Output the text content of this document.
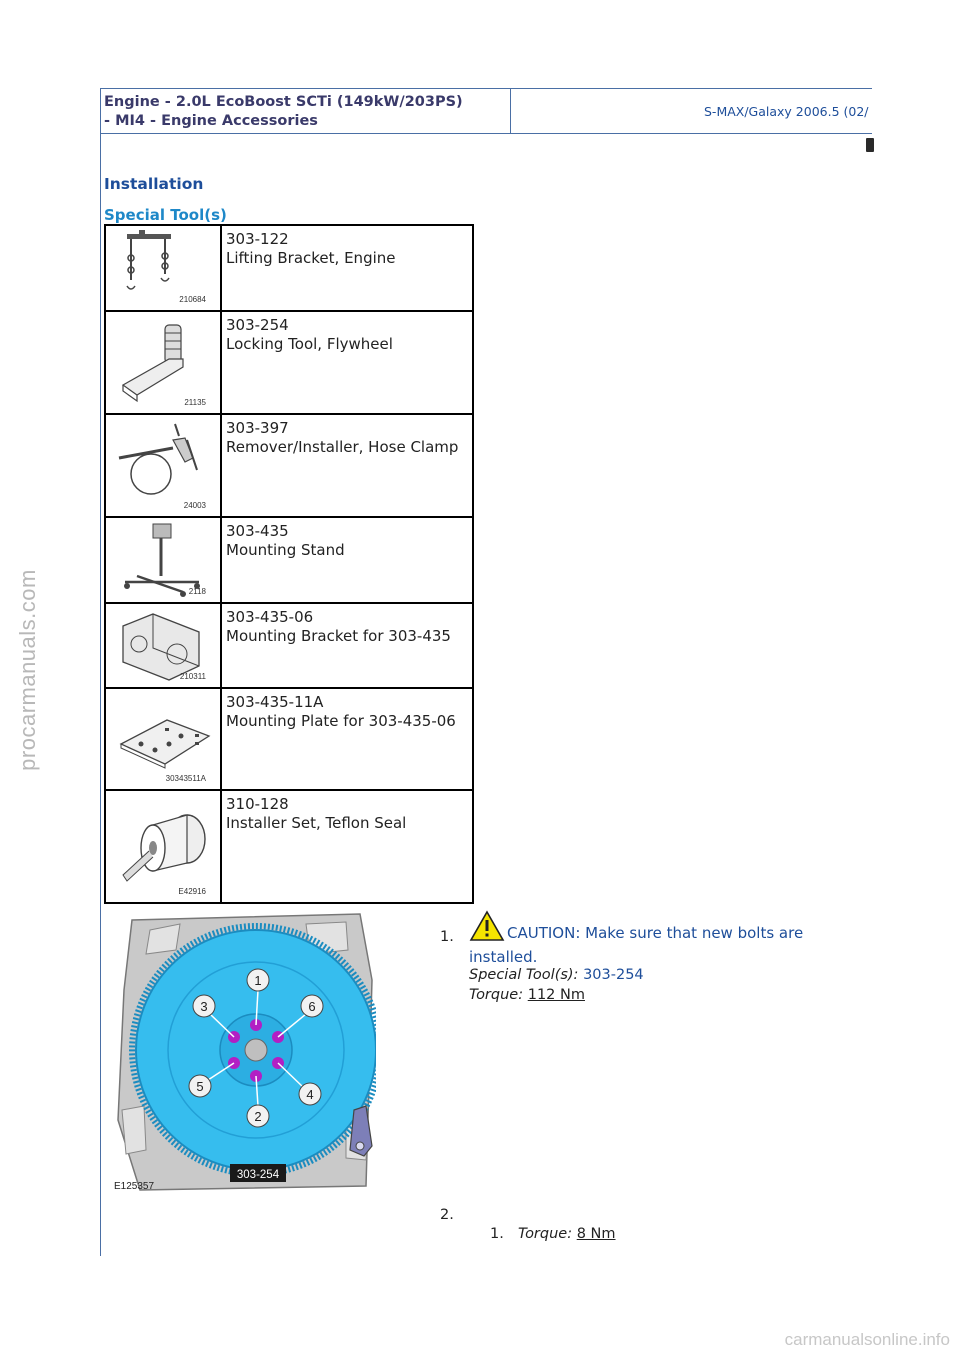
procarmanuals.com
carmanualsonline.info
Engine - 2.0L EcoBoost SCTi (149kW/203PS)
- MI4 - Engine Accessories
S-MAX/Galaxy 2006.5 (02/
Installation
Special Tool(s)
210684
303-122
Lifting Bracket, Engine
21135
303-254
Locking Tool, Flywheel
24003
303-397
Remover/Installer, Hose Clamp
2118
303-435
Mounting Stand
210311
303-435-06
Mounting Bracket for 303-435
30343511A
303-435-11A
Mounting Plate for 303-435-06
E42916
310-128
Installer Set, Teflon Seal
1
2
3
4
5
6
303-254
E125357
1.	CAUTION: Make sure that new bolts are
installed.
Special Tool(s): 303-254
Torque: 112 Nm
2.
1. Torque: 8 Nm
